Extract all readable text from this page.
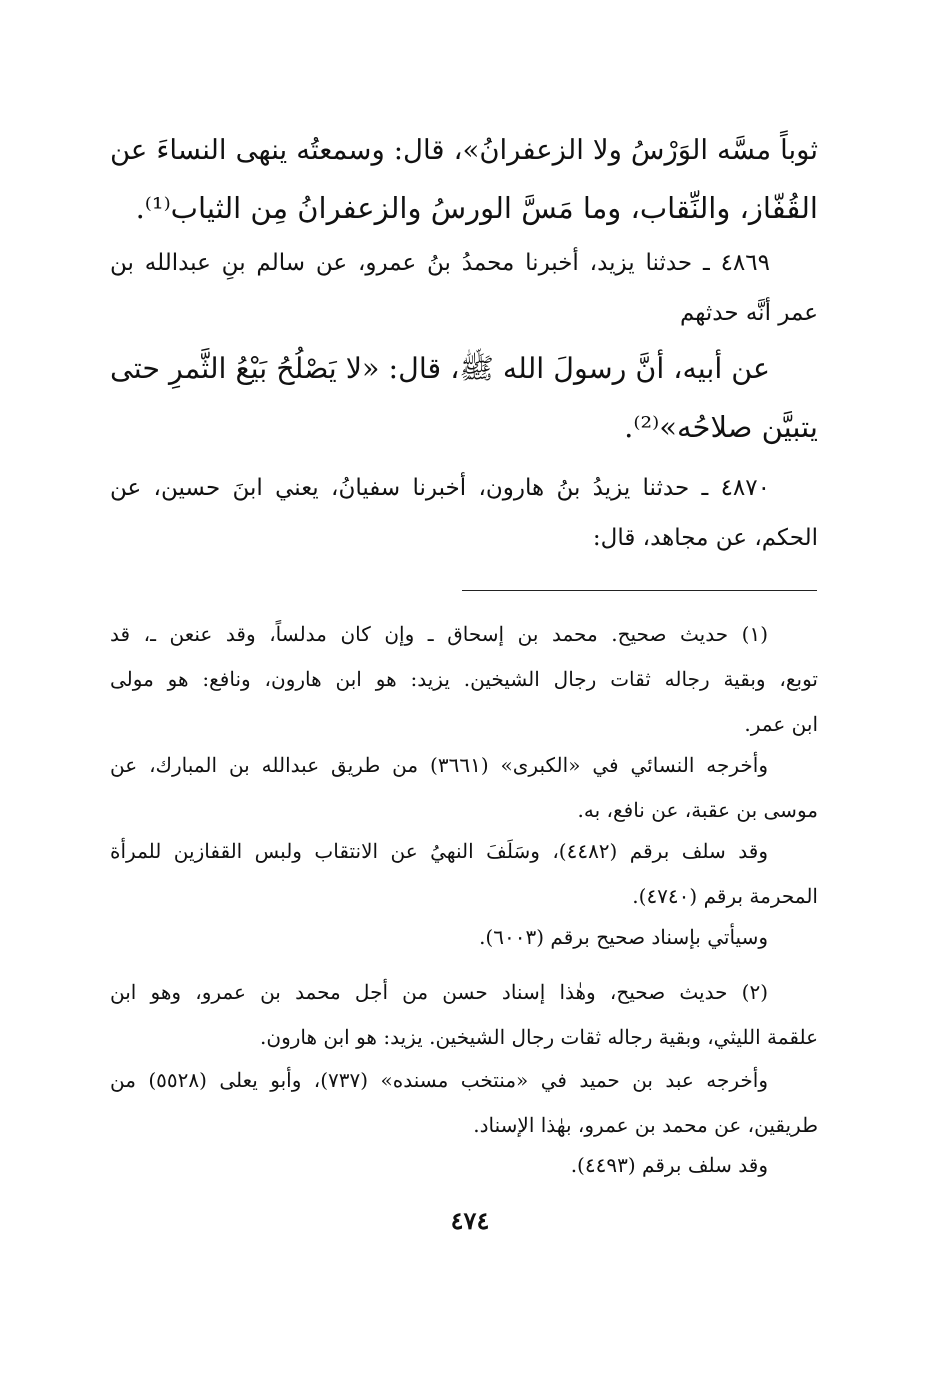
ثوباً مسَّه الوَرْسُ ولا الزعفرانُ»، قال: وسمعتُه ينهى النساءَ عن
القُفّاز، والنِّقاب، وما مَسَّ الورسُ والزعفرانُ مِن الثياب⁽¹⁾.
٤٨٦٩ ـ حدثنا يزيد، أخبرنا محمدُ بنُ عمرو، عن سالم بنِ عبدالله بن
عمر أنَّه حدثهم
عن أبيه، أنَّ رسولَ الله ﷺ، قال: «لا يَصْلُحُ بَيْعُ الثَّمرِ حتى
يتبيَّن صلاحُه»⁽²⁾.
٤٨٧٠ ـ حدثنا يزيدُ بنُ هارون، أخبرنا سفيانُ، يعني ابنَ حسين، عن
الحكم، عن مجاهد، قال:
(١) حديث صحيح. محمد بن إسحاق ـ وإن كان مدلساً، وقد عنعن ـ، قد
توبع، وبقية رجاله ثقات رجال الشيخين. يزيد: هو ابن هارون، ونافع: هو مولى
ابن عمر.
وأخرجه النسائي في «الكبرى» (٣٦٦١) من طريق عبدالله بن المبارك، عن
موسى بن عقبة، عن نافع، به.
وقد سلف برقم (٤٤٨٢)، وسَلَفَ النهيُ عن الانتقاب ولبس القفازين للمرأة
المحرمة برقم (٤٧٤٠).
وسيأتي بإسناد صحيح برقم (٦٠٠٣).
(٢) حديث صحيح، وهٰذا إسناد حسن من أجل محمد بن عمرو، وهو ابن
علقمة الليثي، وبقية رجاله ثقات رجال الشيخين. يزيد: هو ابن هارون.
وأخرجه عبد بن حميد في «منتخب مسنده» (٧٣٧)، وأبو يعلى (٥٥٢٨) من
طريقين، عن محمد بن عمرو، بهٰذا الإسناد.
وقد سلف برقم (٤٤٩٣).
٤٧٤
